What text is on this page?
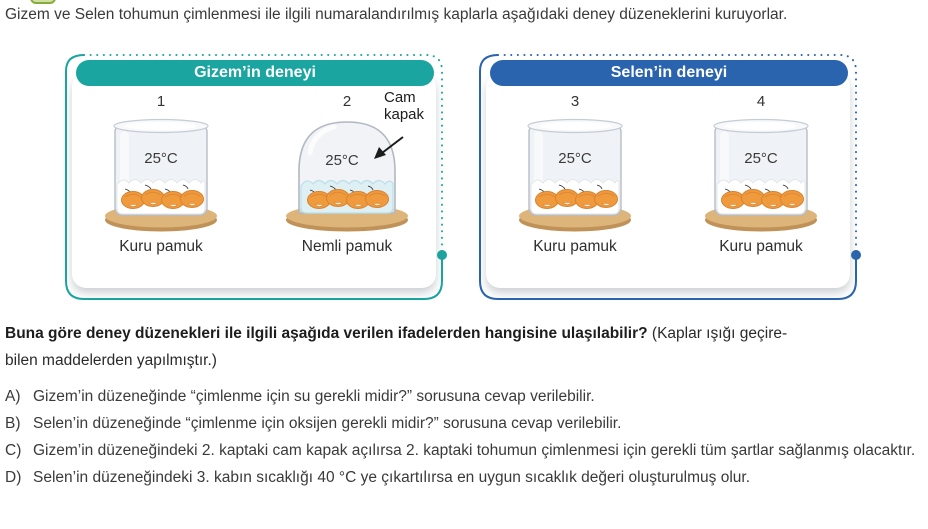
Gizem ve Selen tohumun çimlenmesi ile ilgili numaralandırılmış kaplarla aşağıdaki deney düzeneklerini kuruyorlar.

Gizem’in deneyi
1
25°C
Kuru pamuk
2
25°C
Nemli pamuk
Cam
kapak
Selen’in deneyi
3
25°C
Kuru pamuk
4
25°C
Kuru pamuk

Buna göre deney düzenekleri ile ilgili aşağıda verilen ifadelerden hangisine ulaşılabilir? (Kaplar ışığı geçire-
bilen maddelerden yapılmıştır.)

A) Gizem’in düzeneğinde “çimlenme için su gerekli midir?” sorusuna cevap verilebilir.
B) Selen’in düzeneğinde “çimlenme için oksijen gerekli midir?” sorusuna cevap verilebilir.
C) Gizem’in düzeneğindeki 2. kaptaki cam kapak açılırsa 2. kaptaki tohumun çimlenmesi için gerekli tüm şartlar sağlanmış olacaktır.
D) Selen’in düzeneğindeki 3. kabın sıcaklığı 40 °C ye çıkartılırsa en uygun sıcaklık değeri oluşturulmuş olur.
